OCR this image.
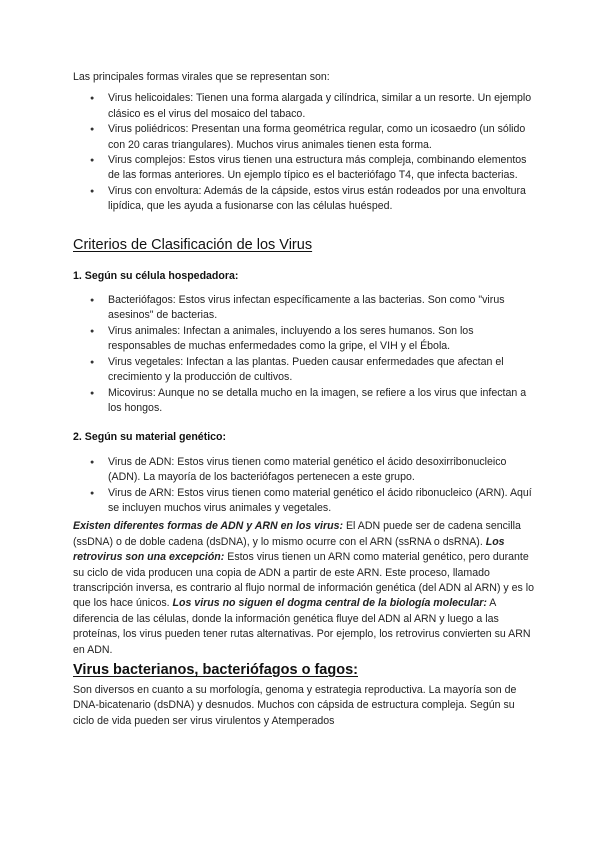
Las principales formas virales que se representan son:

● Virus helicoidales: Tienen una forma alargada y cilíndrica, similar a un resorte. Un ejemplo clásico es el virus del mosaico del tabaco.
● Virus poliédricos: Presentan una forma geométrica regular, como un icosaedro (un sólido con 20 caras triangulares). Muchos virus animales tienen esta forma.
● Virus complejos: Estos virus tienen una estructura más compleja, combinando elementos de las formas anteriores. Un ejemplo típico es el bacteriófago T4, que infecta bacterias.
● Virus con envoltura: Además de la cápside, estos virus están rodeados por una envoltura lipídica, que les ayuda a fusionarse con las células huésped.

Criterios de Clasificación de los Virus

1. Según su célula hospedadora:

● Bacteriófagos: Estos virus infectan específicamente a las bacterias. Son como "virus asesinos" de bacterias.
● Virus animales: Infectan a animales, incluyendo a los seres humanos. Son los responsables de muchas enfermedades como la gripe, el VIH y el Ébola.
● Virus vegetales: Infectan a las plantas. Pueden causar enfermedades que afectan el crecimiento y la producción de cultivos.
● Micovirus: Aunque no se detalla mucho en la imagen, se refiere a los virus que infectan a los hongos.

2. Según su material genético:

● Virus de ADN: Estos virus tienen como material genético el ácido desoxirribonucleico (ADN). La mayoría de los bacteriófagos pertenecen a este grupo.
● Virus de ARN: Estos virus tienen como material genético el ácido ribonucleico (ARN). Aquí se incluyen muchos virus animales y vegetales.

Existen diferentes formas de ADN y ARN en los virus: El ADN puede ser de cadena sencilla (ssDNA) o de doble cadena (dsDNA), y lo mismo ocurre con el ARN (ssRNA o dsRNA). Los retrovirus son una excepción: Estos virus tienen un ARN como material genético, pero durante su ciclo de vida producen una copia de ADN a partir de este ARN. Este proceso, llamado transcripción inversa, es contrario al flujo normal de información genética (del ADN al ARN) y es lo que los hace únicos. Los virus no siguen el dogma central de la biología molecular: A diferencia de las células, donde la información genética fluye del ADN al ARN y luego a las proteínas, los virus pueden tener rutas alternativas. Por ejemplo, los retrovirus convierten su ARN en ADN.

Virus bacterianos, bacteriófagos o fagos:

Son diversos en cuanto a su morfología, genoma y estrategia reproductiva. La mayoría son de DNA-bicatenario (dsDNA) y desnudos. Muchos con cápsida de estructura compleja. Según su ciclo de vida pueden ser virus virulentos y Atemperados
